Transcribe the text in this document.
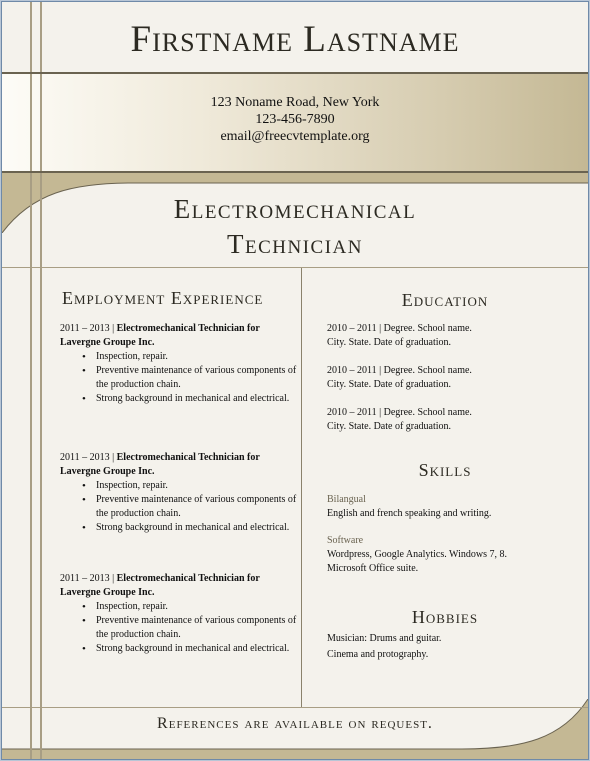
Firstname Lastname
123 Noname Road, New York
123-456-7890
email@freecvtemplate.org
Electromechanical
Technician
Employment Experience
2011 – 2013 | Electromechanical Technician for
Lavergne Groupe Inc.
• Inspection, repair.
• Preventive maintenance of various components of the production chain.
• Strong background in mechanical and electrical.
2011 – 2013 | Electromechanical Technician for
Lavergne Groupe Inc.
• Inspection, repair.
• Preventive maintenance of various components of the production chain.
• Strong background in mechanical and electrical.
2011 – 2013 | Electromechanical Technician for
Lavergne Groupe Inc.
• Inspection, repair.
• Preventive maintenance of various components of the production chain.
• Strong background in mechanical and electrical.
Education
2010 – 2011 | Degree. School name.
City. State. Date of graduation.
2010 – 2011 | Degree. School name.
City. State. Date of graduation.
2010 – 2011 | Degree. School name.
City. State. Date of graduation.
Skills
Bilangual
English and french speaking and writing.
Software
Wordpress, Google Analytics. Windows 7, 8. Microsoft Office suite.
Hobbies
Musician: Drums and guitar.
Cinema and protography.
References are available on request.
